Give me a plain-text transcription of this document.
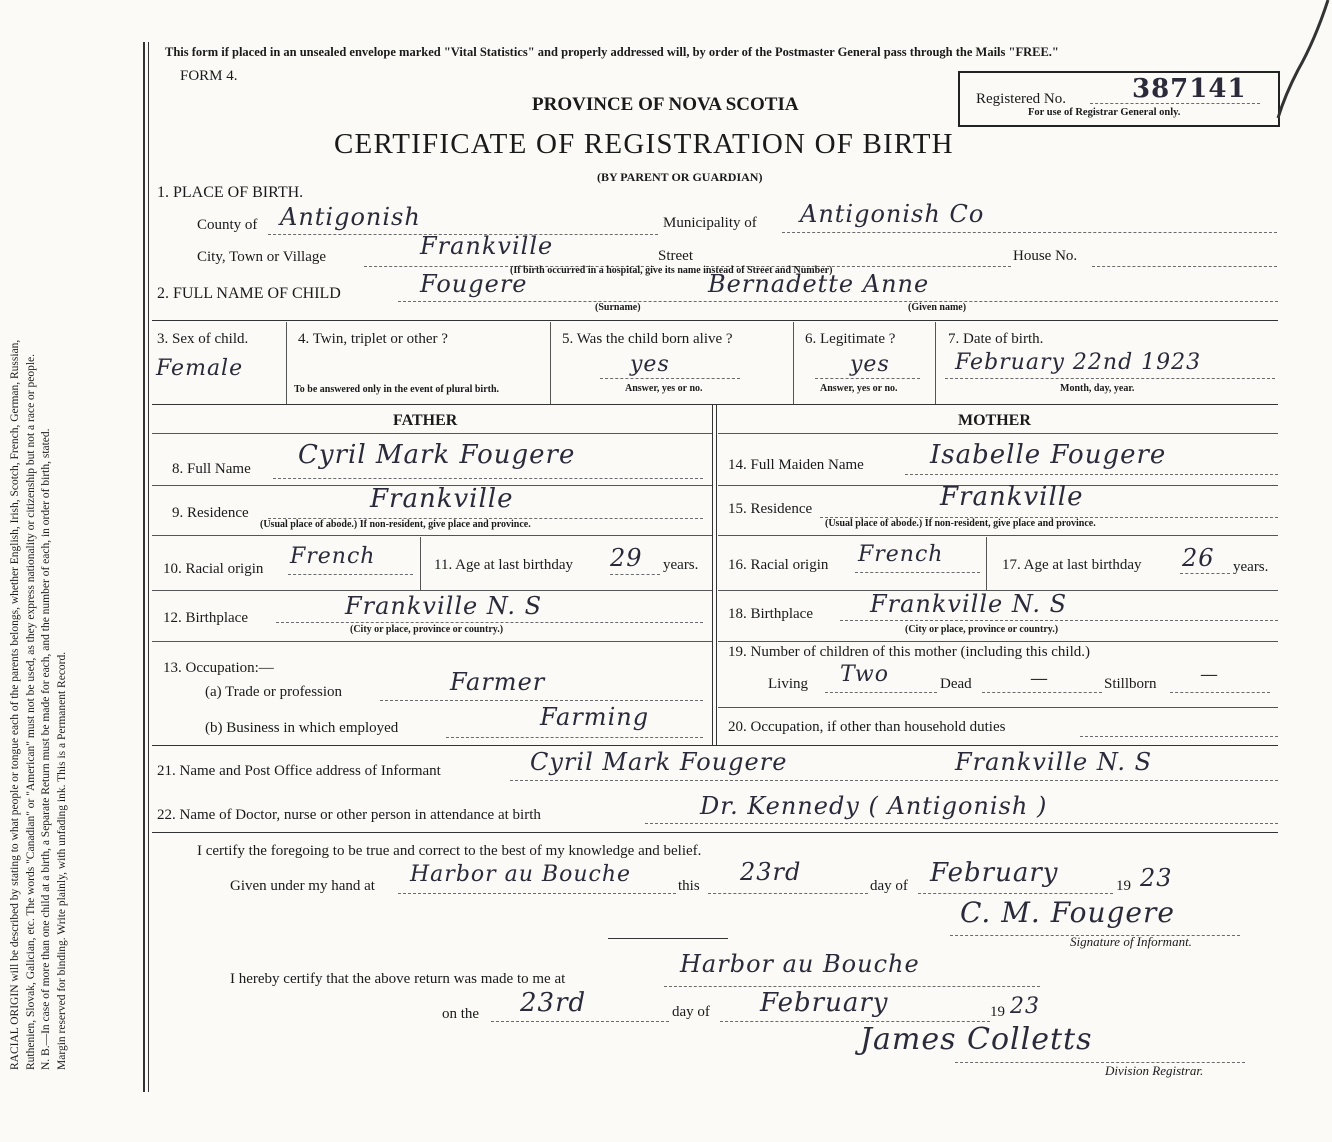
RACIAL ORIGIN will be described by stating to what people or tongue each of the parents belongs, whether English, Irish, Scotch, French, German, Russian, Ruthenien, Slovak, Galician, etc. The words "Canadian" or "American" must not be used, as they express nationality or citizenship but not a race or people. N. B.—In case of more than one child at a birth, a Separate Return must be made for each, and the number of each, in order of birth, stated. Margin reserved for binding. Write plainly, with unfading ink. This is a Permanent Record.
This form if placed in an unsealed envelope marked "Vital Statistics" and properly addressed will, by order of the Postmaster General pass through the Mails "FREE."
FORM 4.
PROVINCE OF NOVA SCOTIA
CERTIFICATE OF REGISTRATION OF BIRTH
(BY PARENT OR GUARDIAN)
Registered No.	387141
For use of Registrar General only.
1. PLACE OF BIRTH.
County of Antigonish	Municipality of Antigonish Co
City, Town or Village	Frankville	Street	House No.
(If birth occurred in a hospital, give its name instead of Street and Number)
2. FULL NAME OF CHILD	Fougere	Bernadette Anne
(Surname)	(Given name)
3. Sex of child.
Female
4. Twin, triplet or other ?
To be answered only in the event of plural birth.
5. Was the child born alive ?
yes
Answer, yes or no.
6. Legitimate ?
yes
Answer, yes or no.
7. Date of birth.
February 22nd 1923
Month, day, year.
FATHER	MOTHER
8. Full Name Cyril Mark Fougere
9. Residence	Frankville
(Usual place of abode.) If non-resident, give place and province.
10. Racial origin French	11. Age at last birthday 29 years.
12. Birthplace	Frankville N. S
(City or place, province or country.)
13. Occupation:—
(a) Trade or profession	Farmer
(b) Business in which employed	Farming
14. Full Maiden Name	Isabelle Fougere
15. Residence	Frankville
(Usual place of abode.) If non-resident, give place and province.
16. Racial origin French	17. Age at last birthday 26 years.
18. Birthplace Frankville N. S
(City or place, province or country.)
19. Number of children of this mother (including this child.)
Living Two	Dead	—	Stillborn —
20. Occupation, if other than household duties
21. Name and Post Office address of Informant	Cyril Mark Fougere	Frankville N. S
22. Name of Doctor, nurse or other person in attendance at birth	Dr. Kennedy ( Antigonish )
I certify the foregoing to be true and correct to the best of my knowledge and belief.
Given under my hand at Harbor au Bouche	this 23rd	day of February	19 23
C. M. Fougere
Signature of Informant.
I hereby certify that the above return was made to me at
Harbor au Bouche
on the 23rd	day of February	19 23
James Colletts
Division Registrar.
